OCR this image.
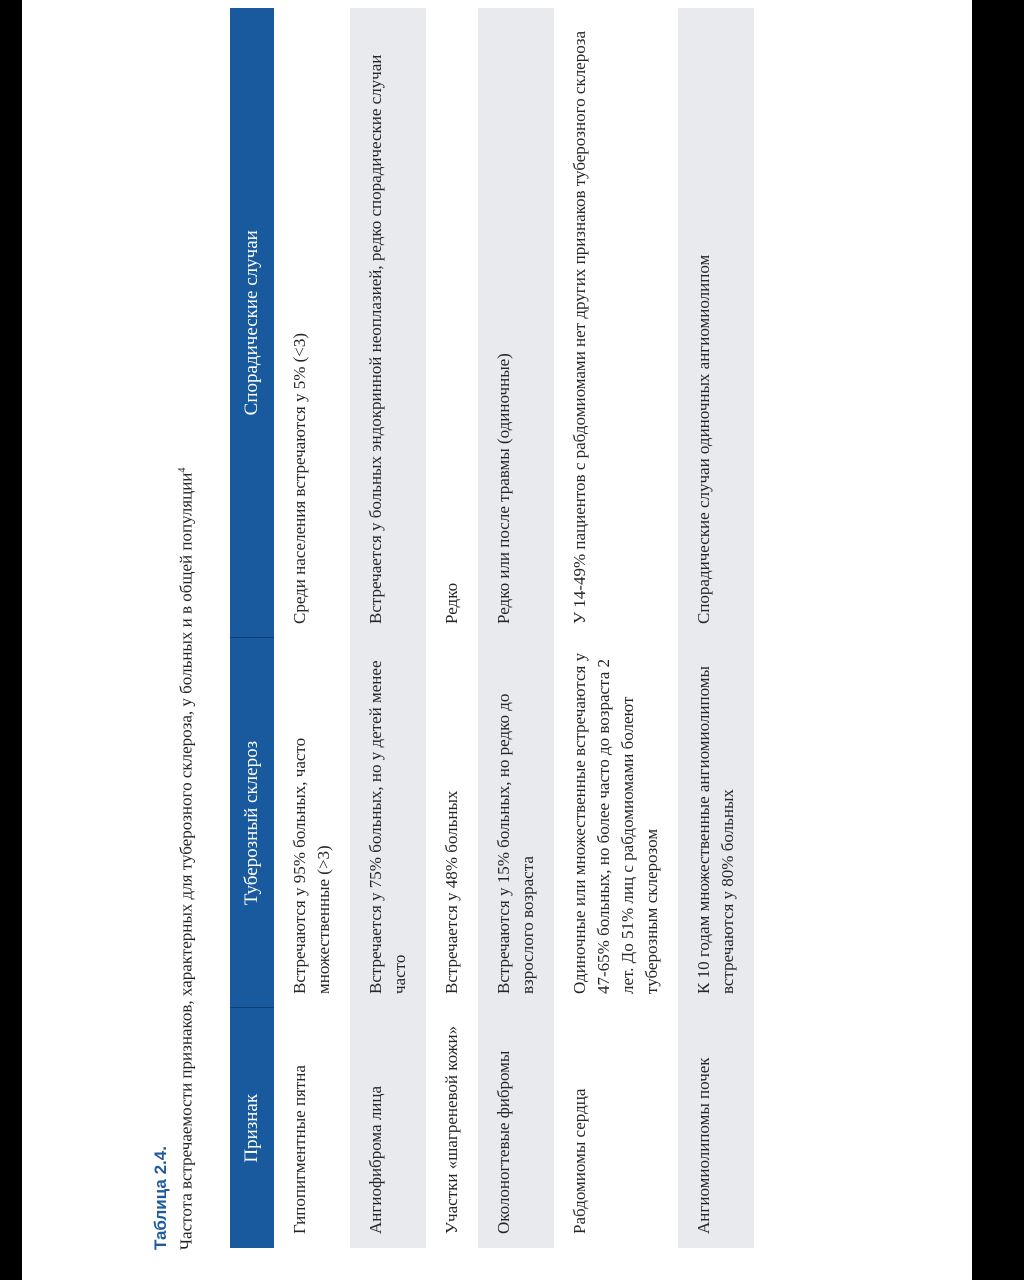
Таблица 2.4. Частота встречаемости признаков, характерных для туберозного склероза, у больных и в общей популяции$^4$
Признак	Туберозный склероз	Спорадические случаи
Гипопигментные пятна	Встречаются у 95% больных, часто множественные (>3)	Среди населения встречаются у 5% (<3)
Ангиофиброма лица	Встречается у 75% больных, но у детей менее часто	Встречается у больных эндокринной неоплазией, редко спорадические случаи
Участки «шагреневой кожи»	Встречается у 48% больных	Редко
Околоногтевые фибромы	Встречаются у 15% больных, но редко до взрослого возраста	Редко или после травмы (одиночные)
Рабдомиомы сердца	Одиночные или множественные встречаются у 47-65% больных, но более часто до возраста 2 лет. До 51% лиц с рабдомиомами болеют туберозным склерозом	У 14-49% пациентов с рабдомиомами нет других признаков туберозного склероза
Ангиомиолипомы почек	К 10 годам множественные ангиомиолипомы встречаются у 80% больных	Спорадические случаи одиночных ангиомиолипом
